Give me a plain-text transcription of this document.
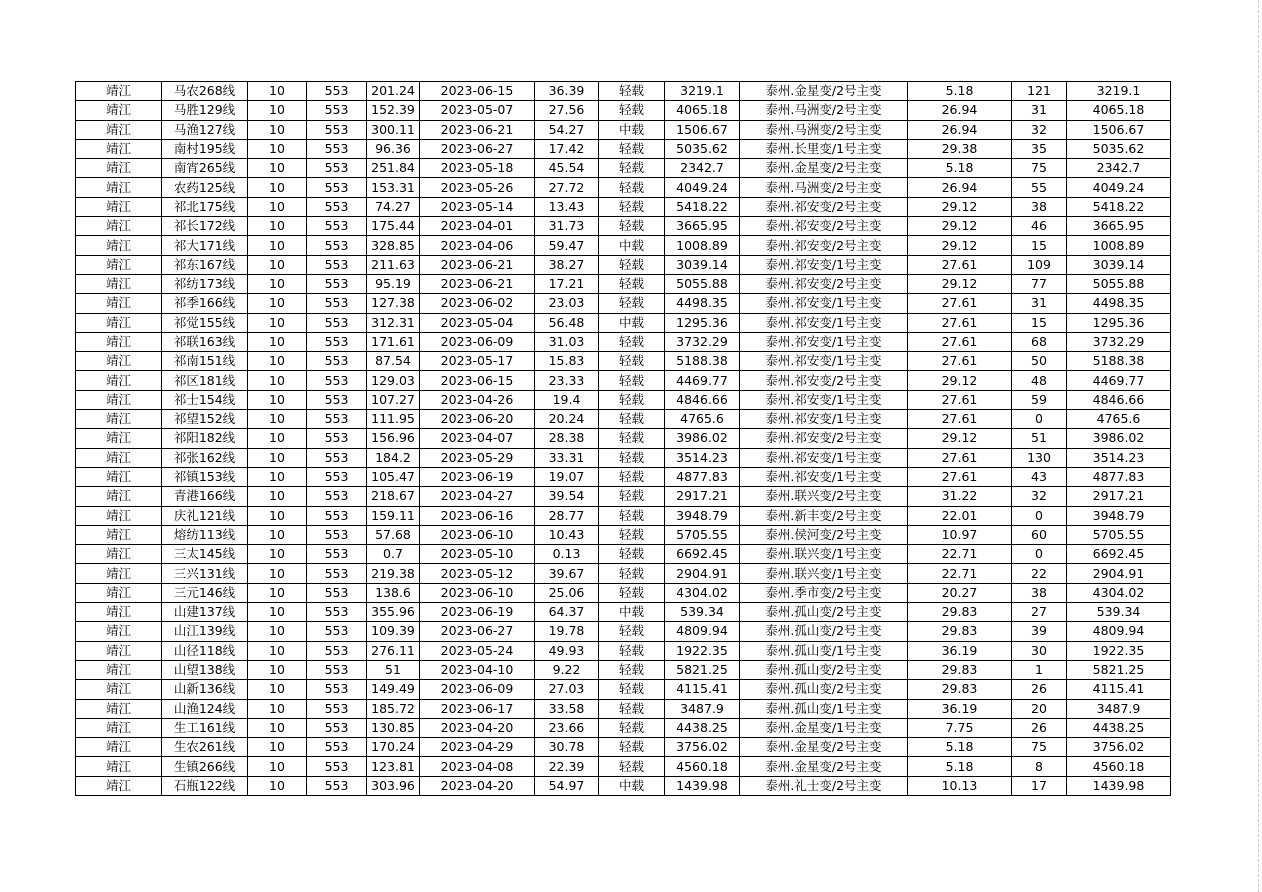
靖江	马农268线	10	553	201.24	2023-06-15	36.39	轻载	3219.1	泰州.金星变/2号主变	5.18	121	3219.1
靖江	马胜129线	10	553	152.39	2023-05-07	27.56	轻载	4065.18	泰州.马洲变/2号主变	26.94	31	4065.18
靖江	马渔127线	10	553	300.11	2023-06-21	54.27	中载	1506.67	泰州.马洲变/2号主变	26.94	32	1506.67
靖江	南村195线	10	553	96.36	2023-06-27	17.42	轻载	5035.62	泰州.长里变/1号主变	29.38	35	5035.62
靖江	南宵265线	10	553	251.84	2023-05-18	45.54	轻载	2342.7	泰州.金星变/2号主变	5.18	75	2342.7
靖江	农药125线	10	553	153.31	2023-05-26	27.72	轻载	4049.24	泰州.马洲变/2号主变	26.94	55	4049.24
靖江	祁北175线	10	553	74.27	2023-05-14	13.43	轻载	5418.22	泰州.祁安变/2号主变	29.12	38	5418.22
靖江	祁长172线	10	553	175.44	2023-04-01	31.73	轻载	3665.95	泰州.祁安变/2号主变	29.12	46	3665.95
靖江	祁大171线	10	553	328.85	2023-04-06	59.47	中载	1008.89	泰州.祁安变/2号主变	29.12	15	1008.89
靖江	祁东167线	10	553	211.63	2023-06-21	38.27	轻载	3039.14	泰州.祁安变/1号主变	27.61	109	3039.14
靖江	祁纺173线	10	553	95.19	2023-06-21	17.21	轻载	5055.88	泰州.祁安变/2号主变	29.12	77	5055.88
靖江	祁季166线	10	553	127.38	2023-06-02	23.03	轻载	4498.35	泰州.祁安变/1号主变	27.61	31	4498.35
靖江	祁觉155线	10	553	312.31	2023-05-04	56.48	中载	1295.36	泰州.祁安变/1号主变	27.61	15	1295.36
靖江	祁联163线	10	553	171.61	2023-06-09	31.03	轻载	3732.29	泰州.祁安变/1号主变	27.61	68	3732.29
靖江	祁南151线	10	553	87.54	2023-05-17	15.83	轻载	5188.38	泰州.祁安变/1号主变	27.61	50	5188.38
靖江	祁区181线	10	553	129.03	2023-06-15	23.33	轻载	4469.77	泰州.祁安变/2号主变	29.12	48	4469.77
靖江	祁士154线	10	553	107.27	2023-04-26	19.4	轻载	4846.66	泰州.祁安变/1号主变	27.61	59	4846.66
靖江	祁望152线	10	553	111.95	2023-06-20	20.24	轻载	4765.6	泰州.祁安变/1号主变	27.61	0	4765.6
靖江	祁阳182线	10	553	156.96	2023-04-07	28.38	轻载	3986.02	泰州.祁安变/2号主变	29.12	51	3986.02
靖江	祁张162线	10	553	184.2	2023-05-29	33.31	轻载	3514.23	泰州.祁安变/1号主变	27.61	130	3514.23
靖江	祁镇153线	10	553	105.47	2023-06-19	19.07	轻载	4877.83	泰州.祁安变/1号主变	27.61	43	4877.83
靖江	青港166线	10	553	218.67	2023-04-27	39.54	轻载	2917.21	泰州.联兴变/2号主变	31.22	32	2917.21
靖江	庆礼121线	10	553	159.11	2023-06-16	28.77	轻载	3948.79	泰州.新丰变/2号主变	22.01	0	3948.79
靖江	熔纺113线	10	553	57.68	2023-06-10	10.43	轻载	5705.55	泰州.侯河变/2号主变	10.97	60	5705.55
靖江	三太145线	10	553	0.7	2023-05-10	0.13	轻载	6692.45	泰州.联兴变/1号主变	22.71	0	6692.45
靖江	三兴131线	10	553	219.38	2023-05-12	39.67	轻载	2904.91	泰州.联兴变/1号主变	22.71	22	2904.91
靖江	三元146线	10	553	138.6	2023-06-10	25.06	轻载	4304.02	泰州.季市变/2号主变	20.27	38	4304.02
靖江	山建137线	10	553	355.96	2023-06-19	64.37	中载	539.34	泰州.孤山变/2号主变	29.83	27	539.34
靖江	山江139线	10	553	109.39	2023-06-27	19.78	轻载	4809.94	泰州.孤山变/2号主变	29.83	39	4809.94
靖江	山径118线	10	553	276.11	2023-05-24	49.93	轻载	1922.35	泰州.孤山变/1号主变	36.19	30	1922.35
靖江	山望138线	10	553	51	2023-04-10	9.22	轻载	5821.25	泰州.孤山变/2号主变	29.83	1	5821.25
靖江	山新136线	10	553	149.49	2023-06-09	27.03	轻载	4115.41	泰州.孤山变/2号主变	29.83	26	4115.41
靖江	山渔124线	10	553	185.72	2023-06-17	33.58	轻载	3487.9	泰州.孤山变/1号主变	36.19	20	3487.9
靖江	生工161线	10	553	130.85	2023-04-20	23.66	轻载	4438.25	泰州.金星变/1号主变	7.75	26	4438.25
靖江	生农261线	10	553	170.24	2023-04-29	30.78	轻载	3756.02	泰州.金星变/2号主变	5.18	75	3756.02
靖江	生镇266线	10	553	123.81	2023-04-08	22.39	轻载	4560.18	泰州.金星变/2号主变	5.18	8	4560.18
靖江	石瓶122线	10	553	303.96	2023-04-20	54.97	中载	1439.98	泰州.礼士变/2号主变	10.13	17	1439.98
